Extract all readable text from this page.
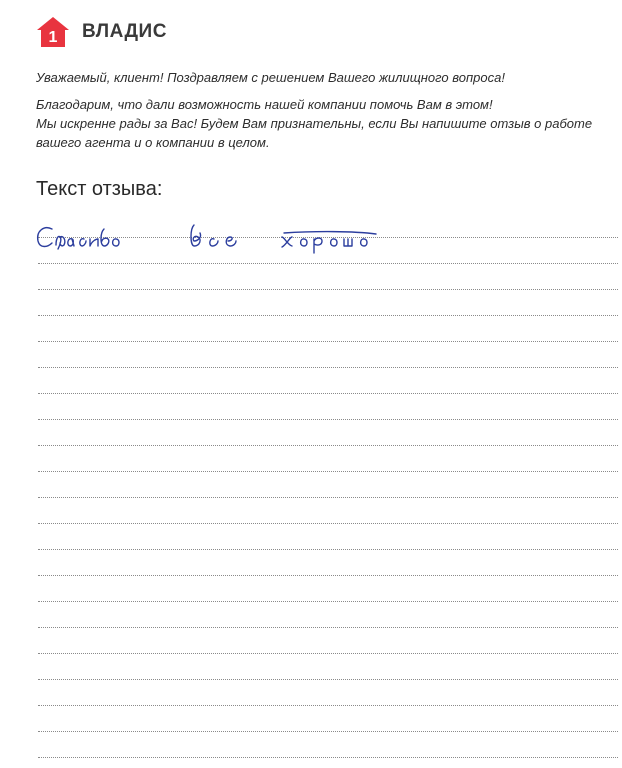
1 ВЛАДИС

Уважаемый, клиент! Поздравляем с решением Вашего жилищного вопроса!

Благодарим, что дали возможность нашей компании помочь Вам в этом!

Мы искренне рады за Вас! Будем Вам признательны, если Вы напишите отзыв о работе

вашего агента и о компании в целом.

Текст отзыва:
